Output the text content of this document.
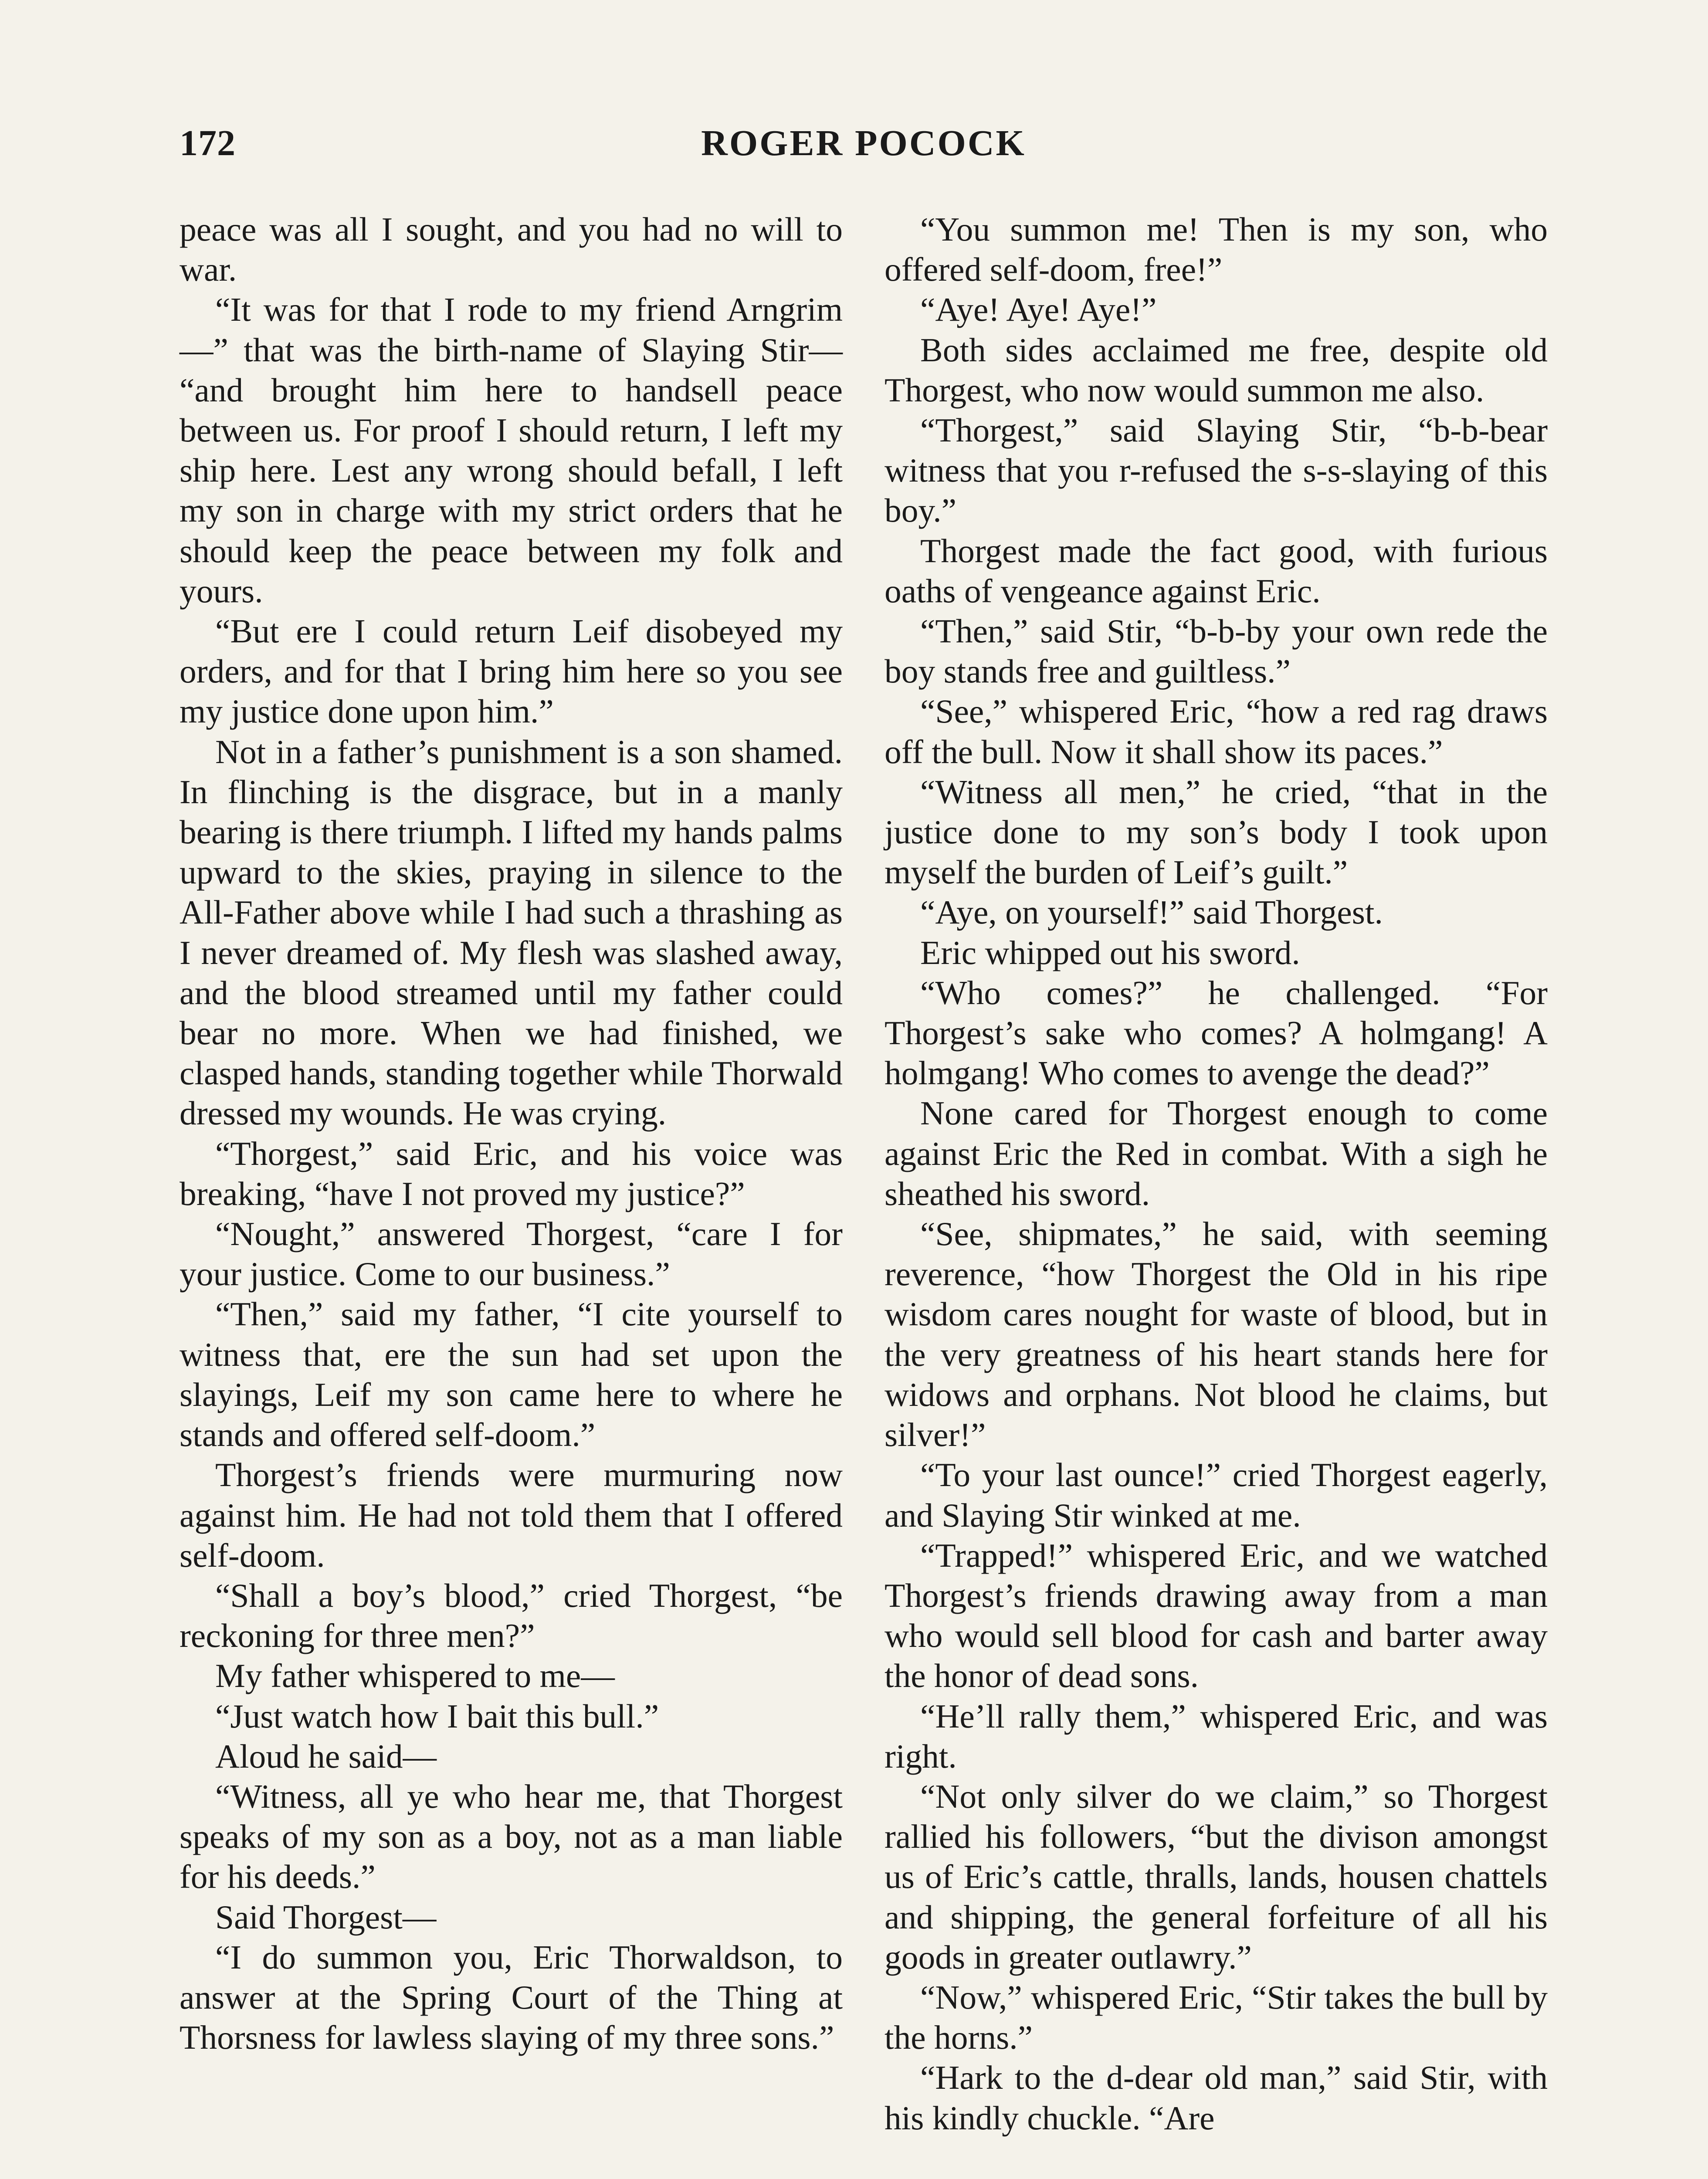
172	ROGER POCOCK

peace was all I sought, and you had no will to war.

“It was for that I rode to my friend Arngrim—” that was the birth-name of Slaying Stir— “and brought him here to handsell peace between us. For proof I should return, I left my ship here. Lest any wrong should befall, I left my son in charge with my strict orders that he should keep the peace between my folk and yours.

“But ere I could return Leif disobeyed my orders, and for that I bring him here so you see my justice done upon him.”

Not in a father’s punishment is a son shamed. In flinching is the disgrace, but in a manly bearing is there triumph. I lifted my hands palms upward to the skies, praying in silence to the All-Father above while I had such a thrashing as I never dreamed of. My flesh was slashed away, and the blood streamed until my father could bear no more. When we had finished, we clasped hands, standing together while Thorwald dressed my wounds. He was crying.

“Thorgest,” said Eric, and his voice was breaking, “have I not proved my justice?”

“Nought,” answered Thorgest, “care I for your justice. Come to our business.”

“Then,” said my father, “I cite yourself to witness that, ere the sun had set upon the slayings, Leif my son came here to where he stands and offered self-doom.”

Thorgest’s friends were murmuring now against him. He had not told them that I offered self-doom.

“Shall a boy’s blood,” cried Thorgest, “be reckoning for three men?”

My father whispered to me—

“Just watch how I bait this bull.”

Aloud he said—

“Witness, all ye who hear me, that Thorgest speaks of my son as a boy, not as a man liable for his deeds.”

Said Thorgest—

“I do summon you, Eric Thorwaldson, to answer at the Spring Court of the Thing at Thorsness for lawless slaying of my three sons.”

“You summon me! Then is my son, who offered self-doom, free!”

“Aye! Aye! Aye!”

Both sides acclaimed me free, despite old Thorgest, who now would summon me also.

“Thorgest,” said Slaying Stir, “b-b-bear witness that you r-refused the s-s-slaying of this boy.”

Thorgest made the fact good, with furious oaths of vengeance against Eric.

“Then,” said Stir, “b-b-by your own rede the boy stands free and guiltless.”

“See,” whispered Eric, “how a red rag draws off the bull. Now it shall show its paces.”

“Witness all men,” he cried, “that in the justice done to my son’s body I took upon myself the burden of Leif’s guilt.”

“Aye, on yourself!” said Thorgest.

Eric whipped out his sword.

“Who comes?” he challenged. “For Thorgest’s sake who comes? A holmgang! A holmgang! Who comes to avenge the dead?”

None cared for Thorgest enough to come against Eric the Red in combat. With a sigh he sheathed his sword.

“See, shipmates,” he said, with seeming reverence, “how Thorgest the Old in his ripe wisdom cares nought for waste of blood, but in the very greatness of his heart stands here for widows and orphans. Not blood he claims, but silver!”

“To your last ounce!” cried Thorgest eagerly, and Slaying Stir winked at me.

“Trapped!” whispered Eric, and we watched Thorgest’s friends drawing away from a man who would sell blood for cash and barter away the honor of dead sons.

“He’ll rally them,” whispered Eric, and was right.

“Not only silver do we claim,” so Thorgest rallied his followers, “but the divison amongst us of Eric’s cattle, thralls, lands, housen chattels and shipping, the general forfeiture of all his goods in greater outlawry.”

“Now,” whispered Eric, “Stir takes the bull by the horns.”

“Hark to the d-dear old man,” said Stir, with his kindly chuckle. “Are
